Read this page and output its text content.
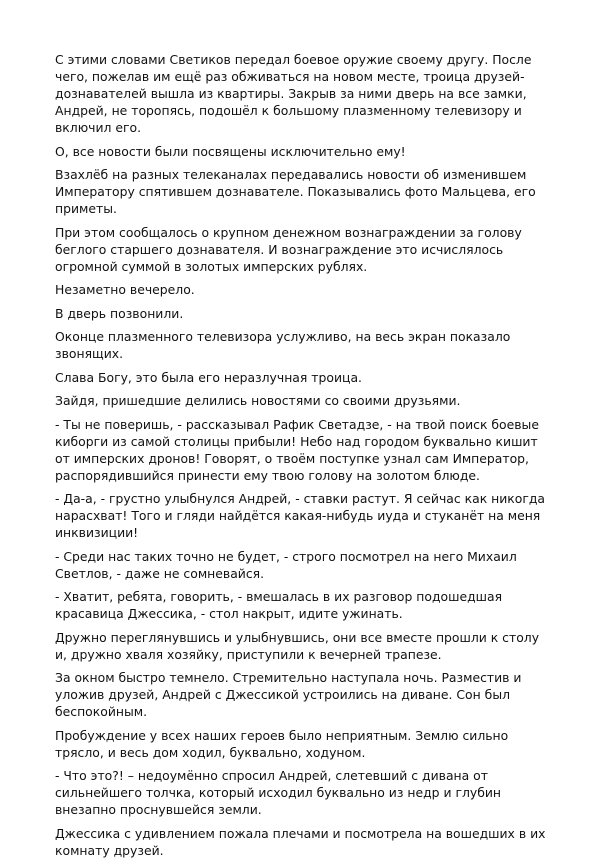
С этими словами Светиков передал боевое оружие своему другу. После чего, пожелав им ещё раз обживаться на новом месте, троица друзей-дознавателей вышла из квартиры. Закрыв за ними дверь на все замки, Андрей, не торопясь, подошёл к большому плазменному телевизору и включил его.

О, все новости были посвящены исключительно ему!

Взахлёб на разных телеканалах передавались новости об изменившем Императору спятившем дознавателе. Показывались фото Мальцева, его приметы.

При этом сообщалось о крупном денежном вознаграждении за голову беглого старшего дознавателя. И вознаграждение это исчислялось огромной суммой в золотых имперских рублях.

Незаметно вечерело.

В дверь позвонили.

Оконце плазменного телевизора услужливо, на весь экран показало звонящих.

Слава Богу, это была его неразлучная троица.

Зайдя, пришедшие делились новостями со своими друзьями.

- Ты не поверишь, - рассказывал Рафик Светадзе, - на твой поиск боевые киборги из самой столицы прибыли! Небо над городом буквально кишит от имперских дронов! Говорят, о твоём поступке узнал сам Император, распорядившийся принести ему твою голову на золотом блюде.

- Да-а, - грустно улыбнулся Андрей, - ставки растут. Я сейчас как никогда нарасхват! Того и гляди найдётся какая-нибудь иуда и стуканёт на меня инквизиции!

- Среди нас таких точно не будет, - строго посмотрел на него Михаил Светлов, - даже не сомневайся.

- Хватит, ребята, говорить, - вмешалась в их разговор подошедшая красавица Джессика, - стол накрыт, идите ужинать.

Дружно переглянувшись и улыбнувшись, они все вместе прошли к столу и, дружно хваля хозяйку, приступили к вечерней трапезе.

За окном быстро темнело. Стремительно наступала ночь. Разместив и уложив друзей, Андрей с Джессикой устроились на диване. Сон был беспокойным.

Пробуждение у всех наших героев было неприятным. Землю сильно трясло, и весь дом ходил, буквально, ходуном.

- Что это?! – недоумённо спросил Андрей, слетевший с дивана от сильнейшего толчка, который исходил буквально из недр и глубин внезапно проснувшейся земли.

Джессика с удивлением пожала плечами и посмотрела на вошедших в их комнату друзей.
